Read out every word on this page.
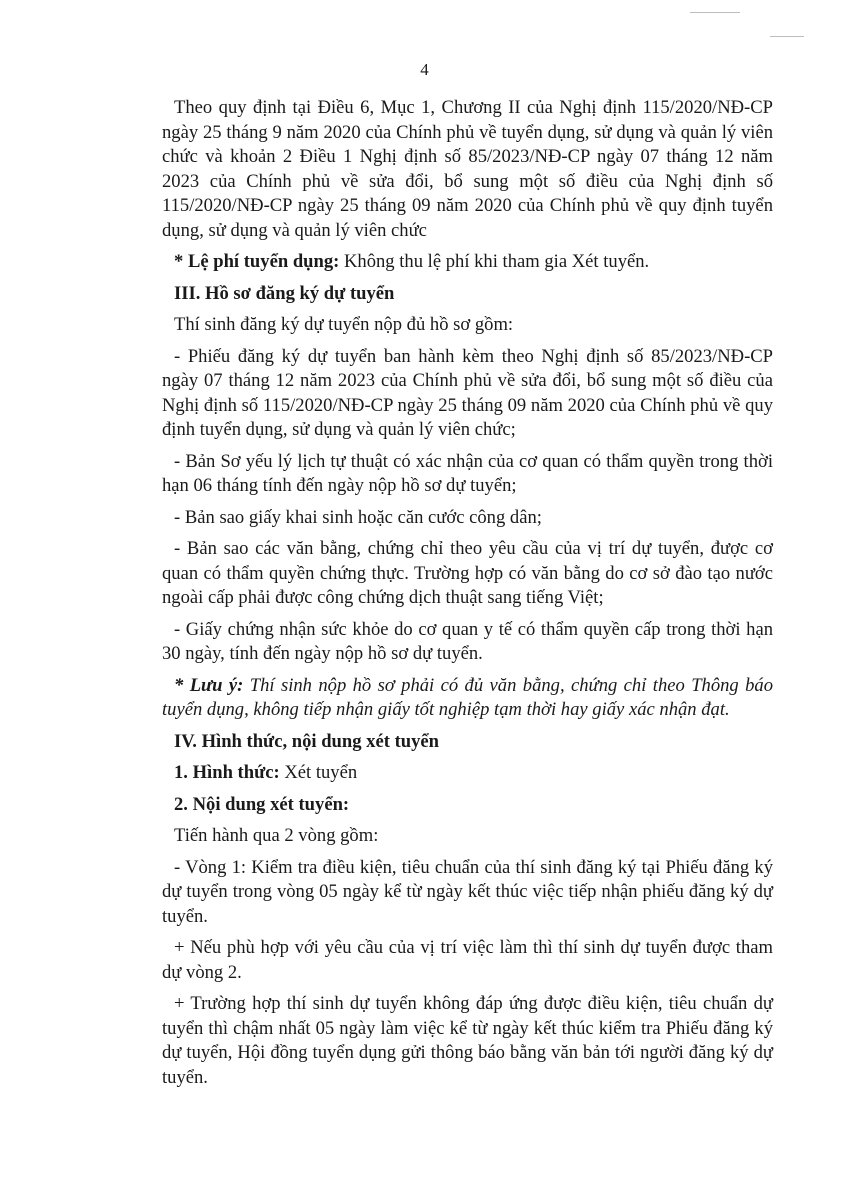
4

Theo quy định tại Điều 6, Mục 1, Chương II của Nghị định 115/2020/NĐ-CP ngày 25 tháng 9 năm 2020 của Chính phủ về tuyển dụng, sử dụng và quản lý viên chức và khoản 2 Điều 1 Nghị định số 85/2023/NĐ-CP ngày 07 tháng 12 năm 2023 của Chính phủ về sửa đổi, bổ sung một số điều của Nghị định số 115/2020/NĐ-CP ngày 25 tháng 09 năm 2020 của Chính phủ về quy định tuyển dụng, sử dụng và quản lý viên chức

* Lệ phí tuyển dụng: Không thu lệ phí khi tham gia Xét tuyển.

III. Hồ sơ đăng ký dự tuyển

Thí sinh đăng ký dự tuyển nộp đủ hồ sơ gồm:

- Phiếu đăng ký dự tuyển ban hành kèm theo Nghị định số 85/2023/NĐ-CP ngày 07 tháng 12 năm 2023 của Chính phủ về sửa đổi, bổ sung một số điều của Nghị định số 115/2020/NĐ-CP ngày 25 tháng 09 năm 2020 của Chính phủ về quy định tuyển dụng, sử dụng và quản lý viên chức;

- Bản Sơ yếu lý lịch tự thuật có xác nhận của cơ quan có thẩm quyền trong thời hạn 06 tháng tính đến ngày nộp hồ sơ dự tuyển;

- Bản sao giấy khai sinh hoặc căn cước công dân;

- Bản sao các văn bằng, chứng chỉ theo yêu cầu của vị trí dự tuyển, được cơ quan có thẩm quyền chứng thực. Trường hợp có văn bằng do cơ sở đào tạo nước ngoài cấp phải được công chứng dịch thuật sang tiếng Việt;

- Giấy chứng nhận sức khỏe do cơ quan y tế có thẩm quyền cấp trong thời hạn 30 ngày, tính đến ngày nộp hồ sơ dự tuyển.

* Lưu ý: Thí sinh nộp hồ sơ phải có đủ văn bằng, chứng chỉ theo Thông báo tuyển dụng, không tiếp nhận giấy tốt nghiệp tạm thời hay giấy xác nhận đạt.

IV. Hình thức, nội dung xét tuyển

1. Hình thức: Xét tuyển

2. Nội dung xét tuyển:

Tiến hành qua 2 vòng gồm:

- Vòng 1: Kiểm tra điều kiện, tiêu chuẩn của thí sinh đăng ký tại Phiếu đăng ký dự tuyển trong vòng 05 ngày kể từ ngày kết thúc việc tiếp nhận phiếu đăng ký dự tuyển.

+ Nếu phù hợp với yêu cầu của vị trí việc làm thì thí sinh dự tuyển được tham dự vòng 2.

+ Trường hợp thí sinh dự tuyển không đáp ứng được điều kiện, tiêu chuẩn dự tuyển thì chậm nhất 05 ngày làm việc kể từ ngày kết thúc kiểm tra Phiếu đăng ký dự tuyển, Hội đồng tuyển dụng gửi thông báo bằng văn bản tới người đăng ký dự tuyển.
